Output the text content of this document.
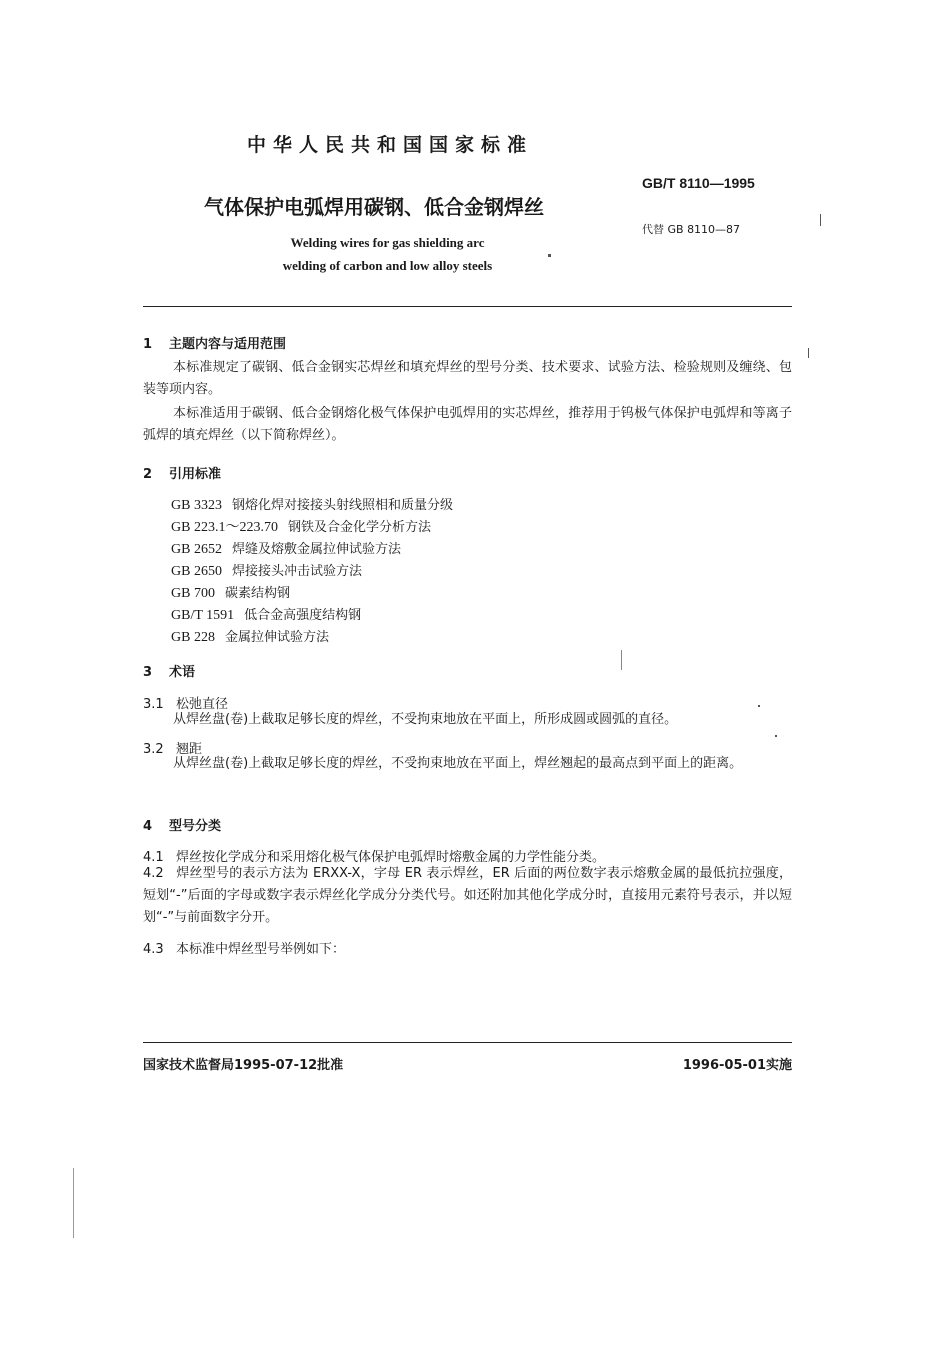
中华人民共和国国家标准
GB/T 8110—1995
气体保护电弧焊用碳钢、低合金钢焊丝
代替 GB 8110—87
Welding wires for gas shielding arc
welding of carbon and low alloy steels
1 主题内容与适用范围
本标准规定了碳钢、低合金钢实芯焊丝和填充焊丝的型号分类、技术要求、试验方法、检验规则及缠绕、包装等项内容。
本标准适用于碳钢、低合金钢熔化极气体保护电弧焊用的实芯焊丝，推荐用于钨极气体保护电弧焊和等离子弧焊的填充焊丝（以下简称焊丝）。
2 引用标准
GB 3323 钢熔化焊对接接头射线照相和质量分级
GB 223.1～223.70 钢铁及合金化学分析方法
GB 2652 焊缝及熔敷金属拉伸试验方法
GB 2650 焊接接头冲击试验方法
GB 700 碳素结构钢
GB/T 1591 低合金高强度结构钢
GB 228 金属拉伸试验方法
3 术语
3.1 松弛直径
从焊丝盘(卷)上截取足够长度的焊丝，不受拘束地放在平面上，所形成圆或圆弧的直径。
3.2 翘距
从焊丝盘(卷)上截取足够长度的焊丝，不受拘束地放在平面上，焊丝翘起的最高点到平面上的距离。
4 型号分类
4.1 焊丝按化学成分和采用熔化极气体保护电弧焊时熔敷金属的力学性能分类。
4.2 焊丝型号的表示方法为 ERXX-X，字母 ER 表示焊丝，ER 后面的两位数字表示熔敷金属的最低抗拉强度，短划“-”后面的字母或数字表示焊丝化学成分分类代号。如还附加其他化学成分时，直接用元素符号表示，并以短划“-”与前面数字分开。
4.3 本标准中焊丝型号举例如下：
国家技术监督局1995-07-12批准	1996-05-01实施
